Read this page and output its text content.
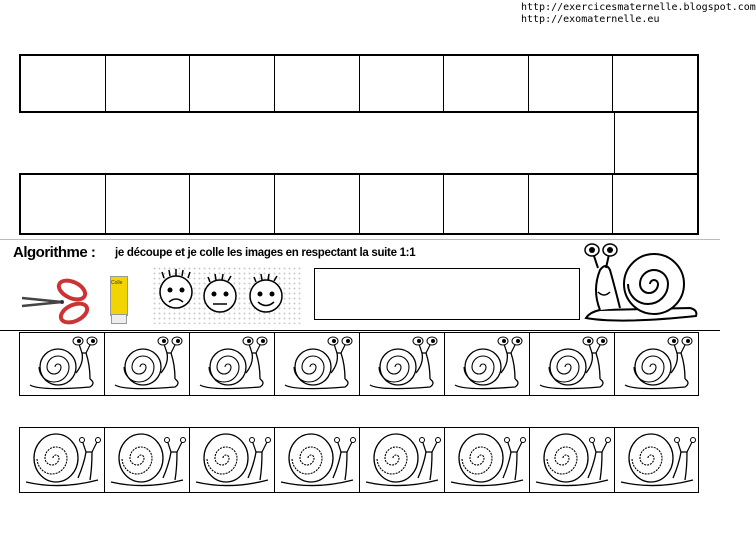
http://exercicesmaternelle.blogspot.com
http://exomaternelle.eu
Algorithme : je découpe et je colle les images en respectant la suite 1:1
Colle
